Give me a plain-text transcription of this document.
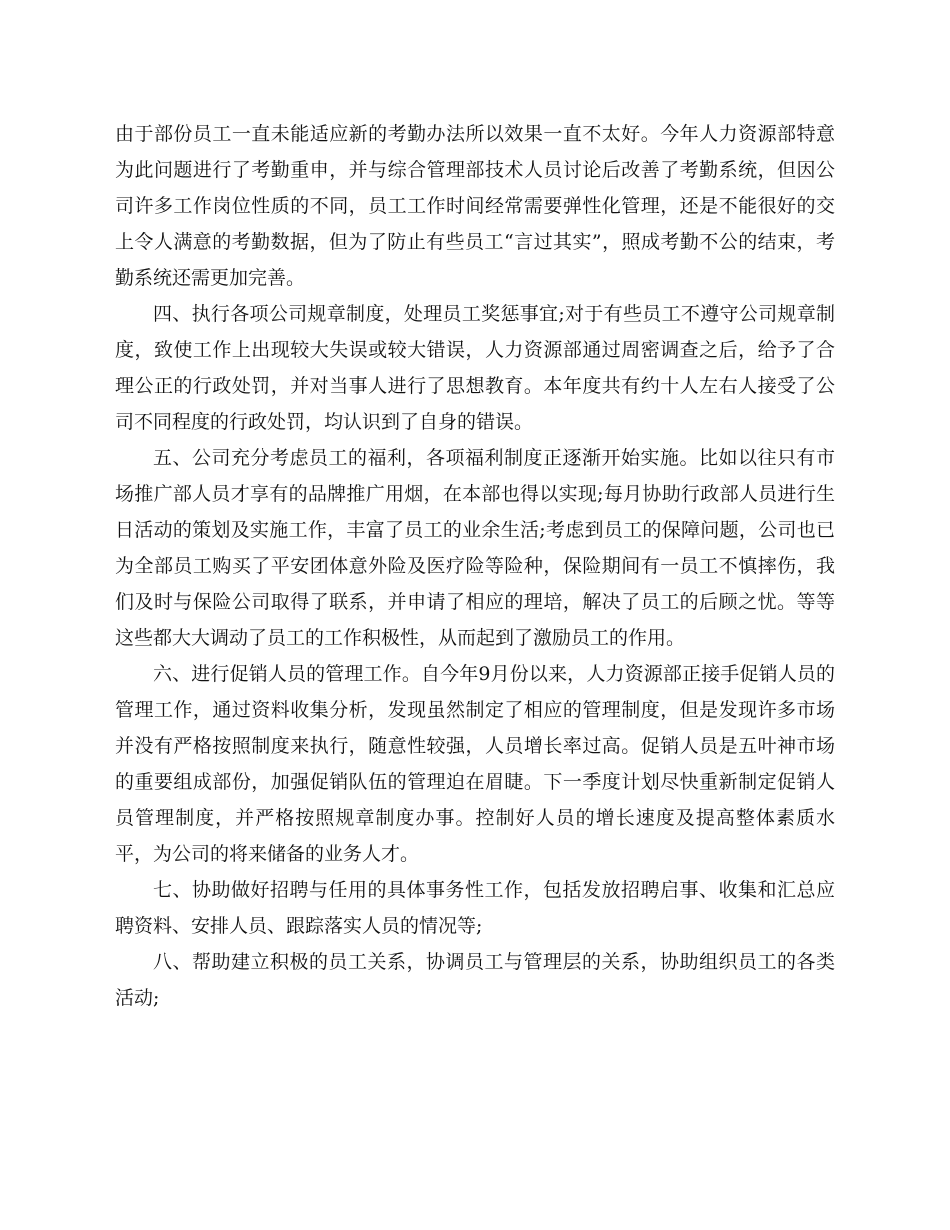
由于部份员工一直未能适应新的考勤办法所以效果一直不太好。今年人力资源部特意为此问题进行了考勤重申，并与综合管理部技术人员讨论后改善了考勤系统，但因公司许多工作岗位性质的不同，员工工作时间经常需要弹性化管理，还是不能很好的交上令人满意的考勤数据，但为了防止有些员工“言过其实”，照成考勤不公的结束，考勤系统还需更加完善。

四、执行各项公司规章制度，处理员工奖惩事宜;对于有些员工不遵守公司规章制度，致使工作上出现较大失误或较大错误，人力资源部通过周密调查之后，给予了合理公正的行政处罚，并对当事人进行了思想教育。本年度共有约十人左右人接受了公司不同程度的行政处罚，均认识到了自身的错误。

五、公司充分考虑员工的福利，各项福利制度正逐渐开始实施。比如以往只有市场推广部人员才享有的品牌推广用烟，在本部也得以实现;每月协助行政部人员进行生日活动的策划及实施工作，丰富了员工的业余生活;考虑到员工的保障问题，公司也已为全部员工购买了平安团体意外险及医疗险等险种，保险期间有一员工不慎摔伤，我们及时与保险公司取得了联系，并申请了相应的理培，解决了员工的后顾之忧。等等这些都大大调动了员工的工作积极性，从而起到了激励员工的作用。

六、进行促销人员的管理工作。自今年9月份以来，人力资源部正接手促销人员的管理工作，通过资料收集分析，发现虽然制定了相应的管理制度，但是发现许多市场并没有严格按照制度来执行，随意性较强，人员增长率过高。促销人员是五叶神市场的重要组成部份，加强促销队伍的管理迫在眉睫。下一季度计划尽快重新制定促销人员管理制度，并严格按照规章制度办事。控制好人员的增长速度及提高整体素质水平，为公司的将来储备的业务人才。

七、协助做好招聘与任用的具体事务性工作，包括发放招聘启事、收集和汇总应聘资料、安排人员、跟踪落实人员的情况等;

八、帮助建立积极的员工关系，协调员工与管理层的关系，协助组织员工的各类活动;
